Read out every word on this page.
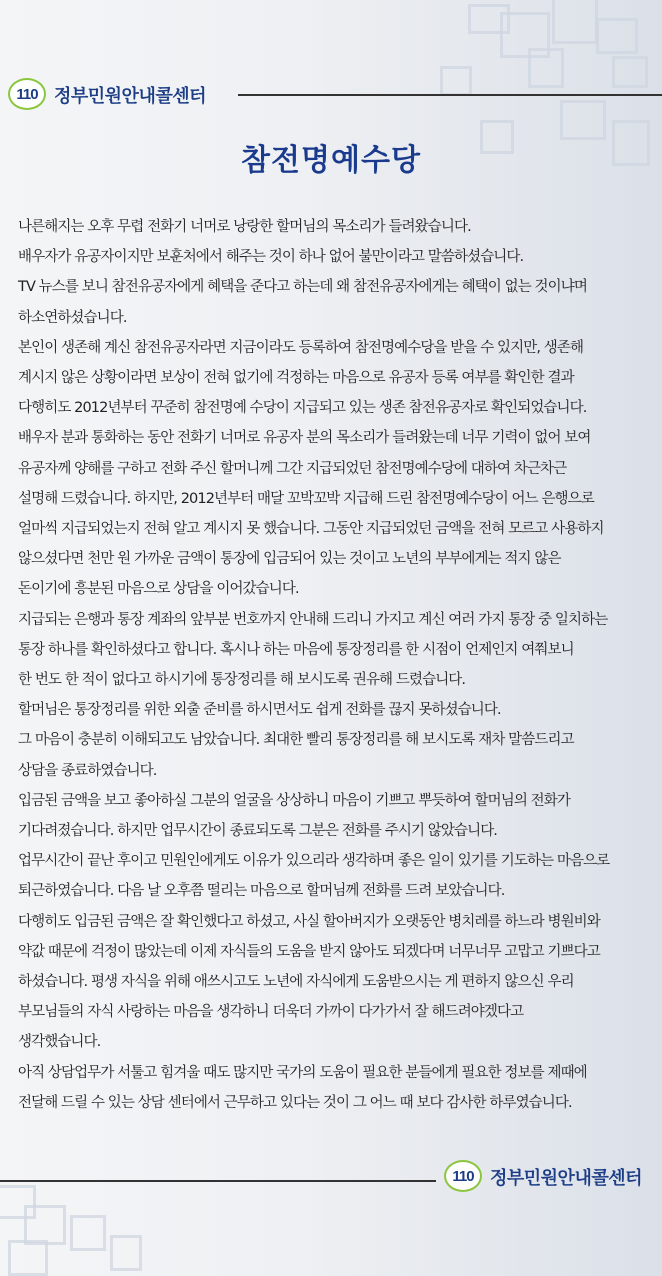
110 정부민원안내콜센터
참전명예수당

나른해지는 오후 무렵 전화기 너머로 낭랑한 할머님의 목소리가 들려왔습니다.

배우자가 유공자이지만 보훈처에서 해주는 것이 하나 없어 불만이라고 말씀하셨습니다.

TV 뉴스를 보니 참전유공자에게 혜택을 준다고 하는데 왜 참전유공자에게는 혜택이 없는 것이냐며

하소연하셨습니다.

본인이 생존해 계신 참전유공자라면 지금이라도 등록하여 참전명예수당을 받을 수 있지만, 생존해

계시지 않은 상황이라면 보상이 전혀 없기에 걱정하는 마음으로 유공자 등록 여부를 확인한 결과

다행히도 2012년부터 꾸준히 참전명예 수당이 지급되고 있는 생존 참전유공자로 확인되었습니다.

배우자 분과 통화하는 동안 전화기 너머로 유공자 분의 목소리가 들려왔는데 너무 기력이 없어 보여

유공자께 양해를 구하고 전화 주신 할머니께 그간 지급되었던 참전명예수당에 대하여 차근차근

설명해 드렸습니다. 하지만, 2012년부터 매달 꼬박꼬박 지급해 드린 참전명예수당이 어느 은행으로

얼마씩 지급되었는지 전혀 알고 계시지 못 했습니다. 그동안 지급되었던 금액을 전혀 모르고 사용하지

않으셨다면 천만 원 가까운 금액이 통장에 입금되어 있는 것이고 노년의 부부에게는 적지 않은

돈이기에 흥분된 마음으로 상담을 이어갔습니다.

지급되는 은행과 통장 계좌의 앞부분 번호까지 안내해 드리니 가지고 계신 여러 가지 통장 중 일치하는

통장 하나를 확인하셨다고 합니다. 혹시나 하는 마음에 통장정리를 한 시점이 언제인지 여쭤보니

한 번도 한 적이 없다고 하시기에 통장정리를 해 보시도록 권유해 드렸습니다.

할머님은 통장정리를 위한 외출 준비를 하시면서도 쉽게 전화를 끊지 못하셨습니다.

그 마음이 충분히 이해되고도 남았습니다. 최대한 빨리 통장정리를 해 보시도록 재차 말씀드리고

상담을 종료하였습니다.

입금된 금액을 보고 좋아하실 그분의 얼굴을 상상하니 마음이 기쁘고 뿌듯하여 할머님의 전화가

기다려졌습니다. 하지만 업무시간이 종료되도록 그분은 전화를 주시기 않았습니다.

업무시간이 끝난 후이고 민원인에게도 이유가 있으리라 생각하며 좋은 일이 있기를 기도하는 마음으로

퇴근하였습니다. 다음 날 오후쯤 떨리는 마음으로 할머님께 전화를 드려 보았습니다.

다행히도 입금된 금액은 잘 확인했다고 하셨고, 사실 할아버지가 오랫동안 병치레를 하느라 병원비와

약값 때문에 걱정이 많았는데 이제 자식들의 도움을 받지 않아도 되겠다며 너무너무 고맙고 기쁘다고

하셨습니다. 평생 자식을 위해 애쓰시고도 노년에 자식에게 도움받으시는 게 편하지 않으신 우리

부모님들의 자식 사랑하는 마음을 생각하니 더욱더 가까이 다가가서 잘 해드려야겠다고

생각했습니다.

아직 상담업무가 서툴고 힘겨울 때도 많지만 국가의 도움이 필요한 분들에게 필요한 정보를 제때에

전달해 드릴 수 있는 상담 센터에서 근무하고 있다는 것이 그 어느 때 보다 감사한 하루였습니다.

110 정부민원안내콜센터
